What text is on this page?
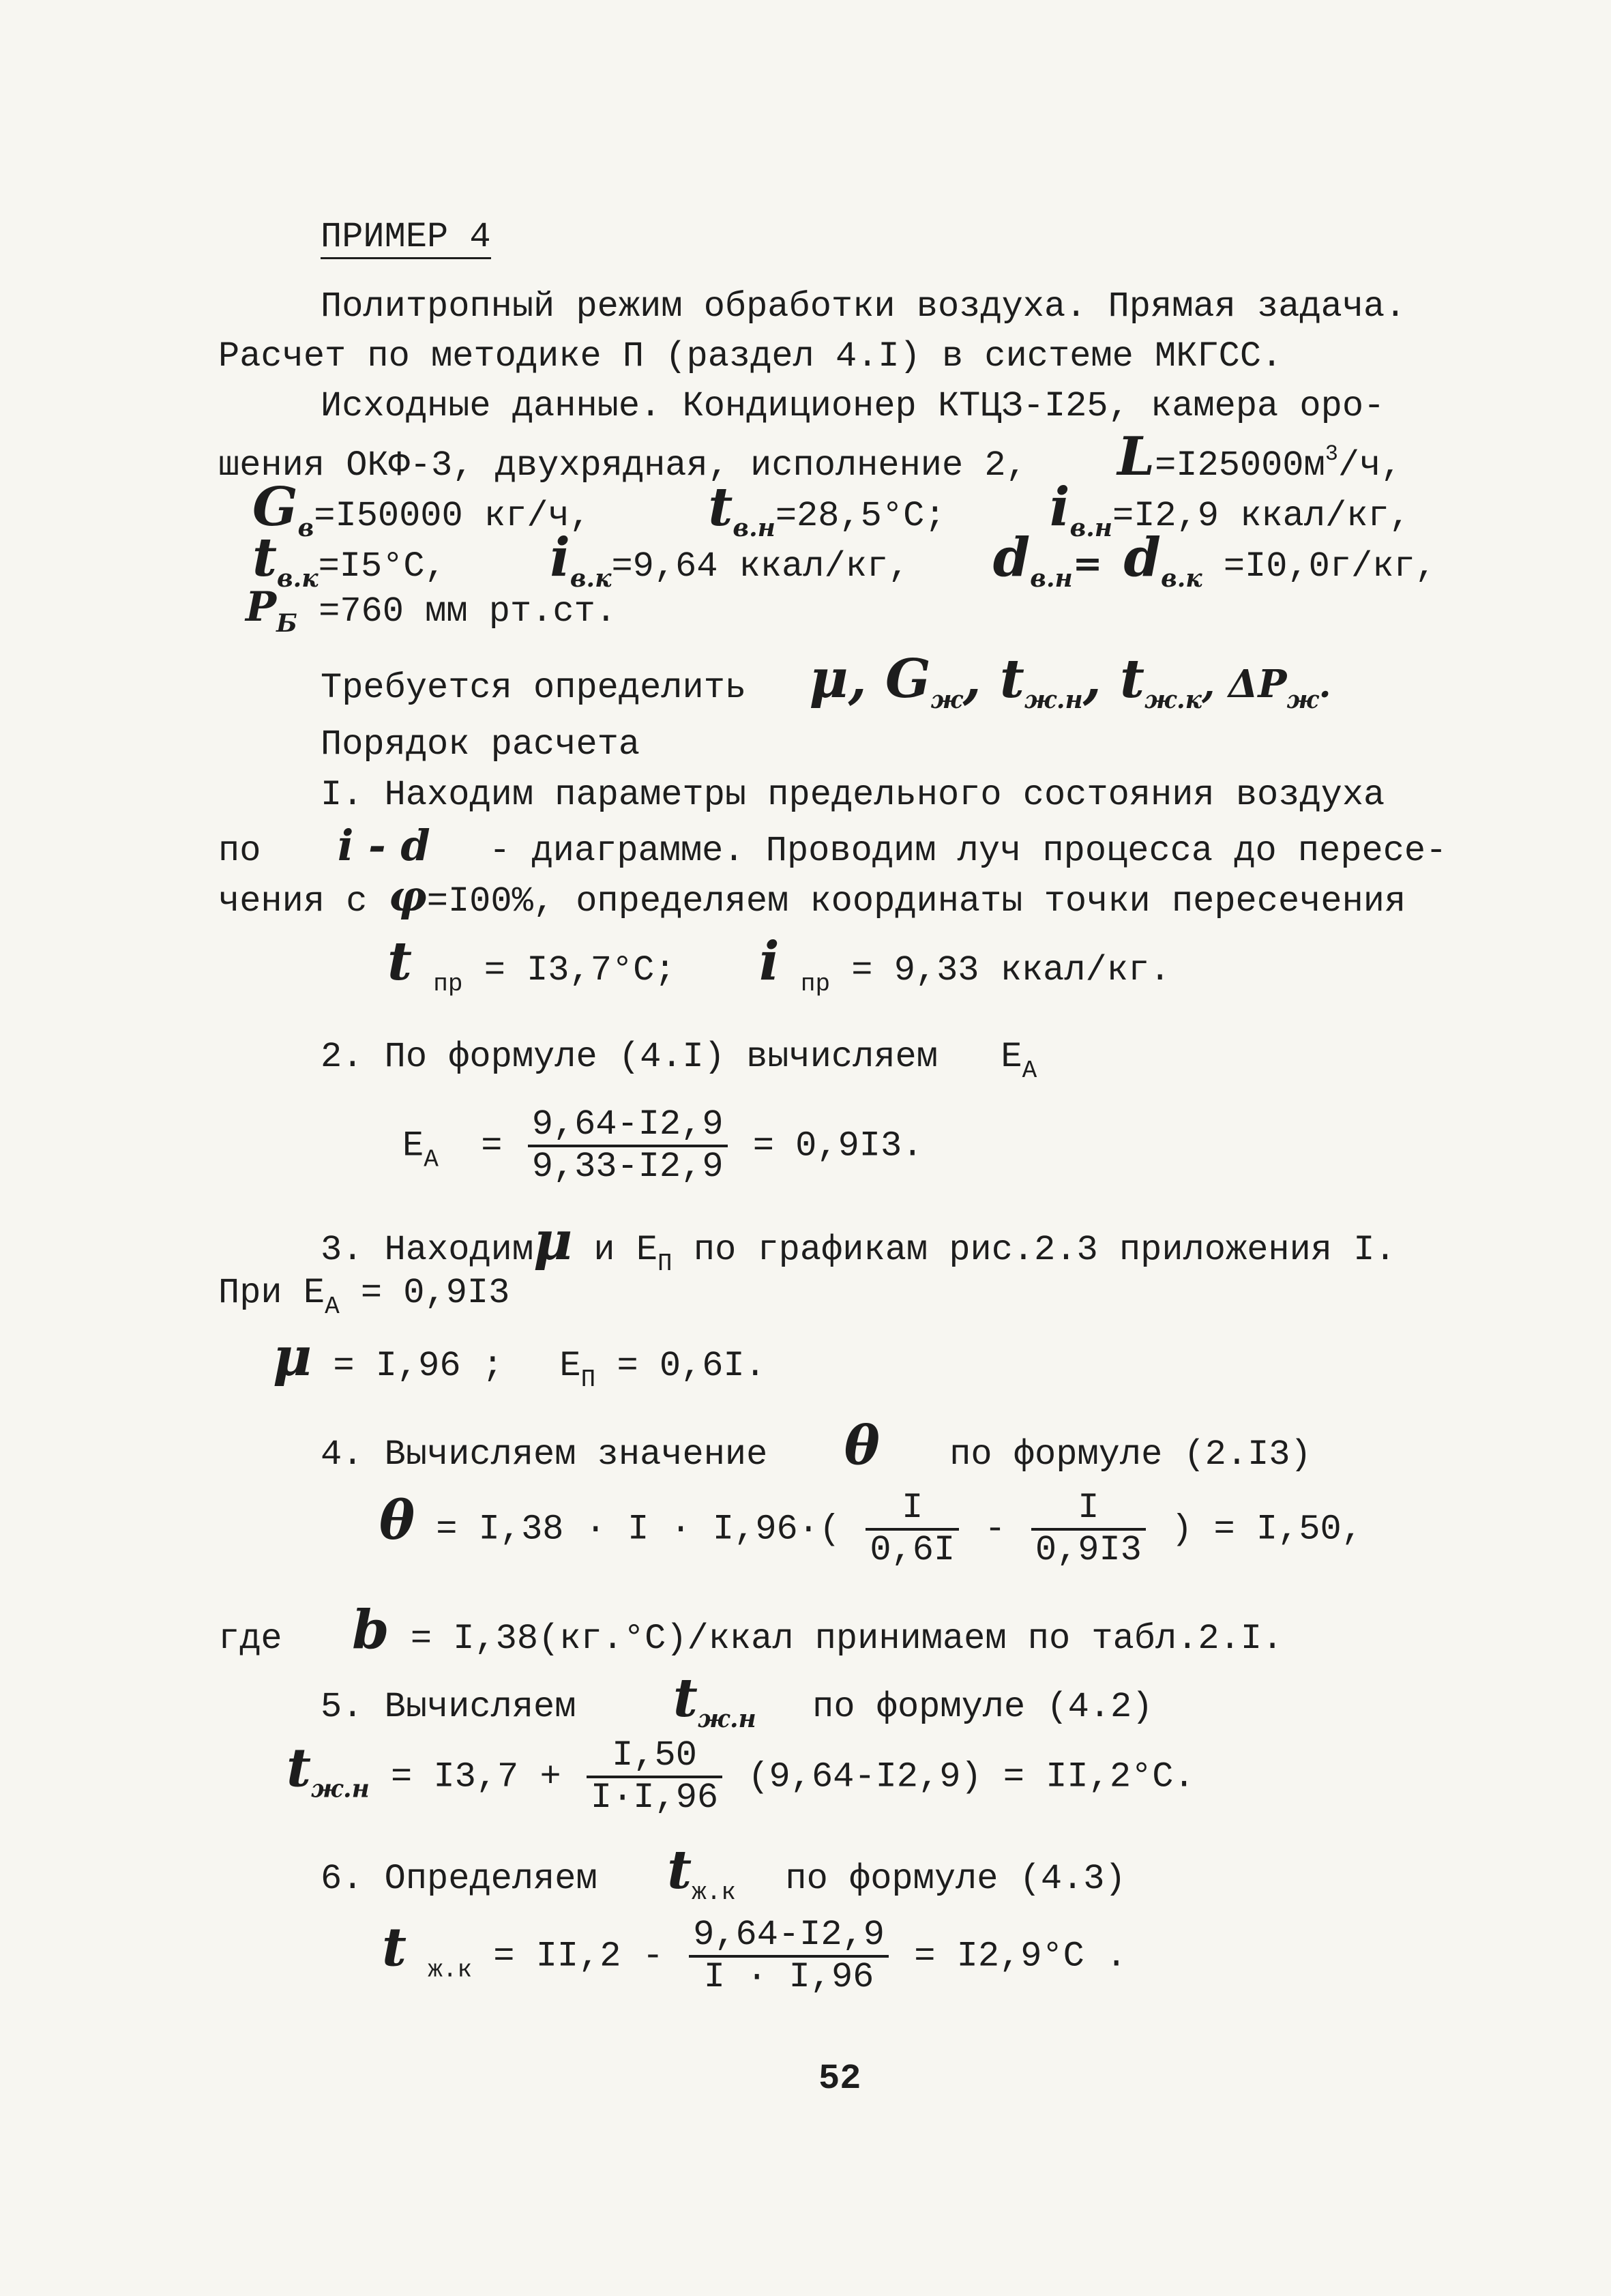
ПРИМЕР 4
Политропный режим обработки воздуха. Прямая задача.
Расчет по методике П (раздел 4.I) в системе МКГСС.
Исходные данные. Кондиционер КТЦЗ-I25, камера оро-
шения ОКФ-3, двухрядная, исполнение 2, $L=I25000м^3/ч$,
$G_в=I50000$ кг/ч, $t_{в.н}=28,5^\circ C$; $i_{в.н}=I2,9$ ккал/кг,
$t_{в.к}=I5^\circ C$, $i_{в.к}=9,64$ ккал/кг, $d_{в.н}= d_{в.к} =I0,0г/кг$,
$P_Б =760$ мм рт.ст.
Требуется определить μ, $G_ж$, $t_{ж.н}$, $t_{ж.к}$, $\Delta P_ж$.
Порядок расчета
I. Находим параметры предельного состояния воздуха
по i - d - диаграмме. Проводим луч процесса до пересе-
чения с φ=I00%, определяем координаты точки пересечения
t $_{пр}$ = I3,7°C; i $_{пр}$ = 9,33 ккал/кг.
2. По формуле (4.I) вычисляем $E_A$
$E_A = \frac{9,64-I2,9}{9,33-I2,9} = 0,9I3$.
3. Находимμ и $E_П$ по графикам рис.2.3 приложения I.
При $E_A = 0,9I3$
μ = I,96 ; $E_П = 0,6I$.
4. Вычисляем значение θ по формуле (2.I3)
$\theta = I,38 \cdot I \cdot I,96\cdot( \frac{I}{0,6I} - \frac{I}{0,9I3}$ ) = I,50,
где b = I,38(кг.°C)/ккал принимаем по табл.2.I.
5. Вычисляем $t_{ж.н}$ по формуле (4.2)
$t_{ж.н} = I3,7 + \frac{I,50}{I\cdot I,96} (9,64-I2,9) = II,2^\circ C$.
6. Определяем $t_{ж.к}$ по формуле (4.3)
t $_{ж.к} = II,2 - \frac{9,64-I2,9}{I \cdot I,96} = I2,9^\circ C$ .
52
